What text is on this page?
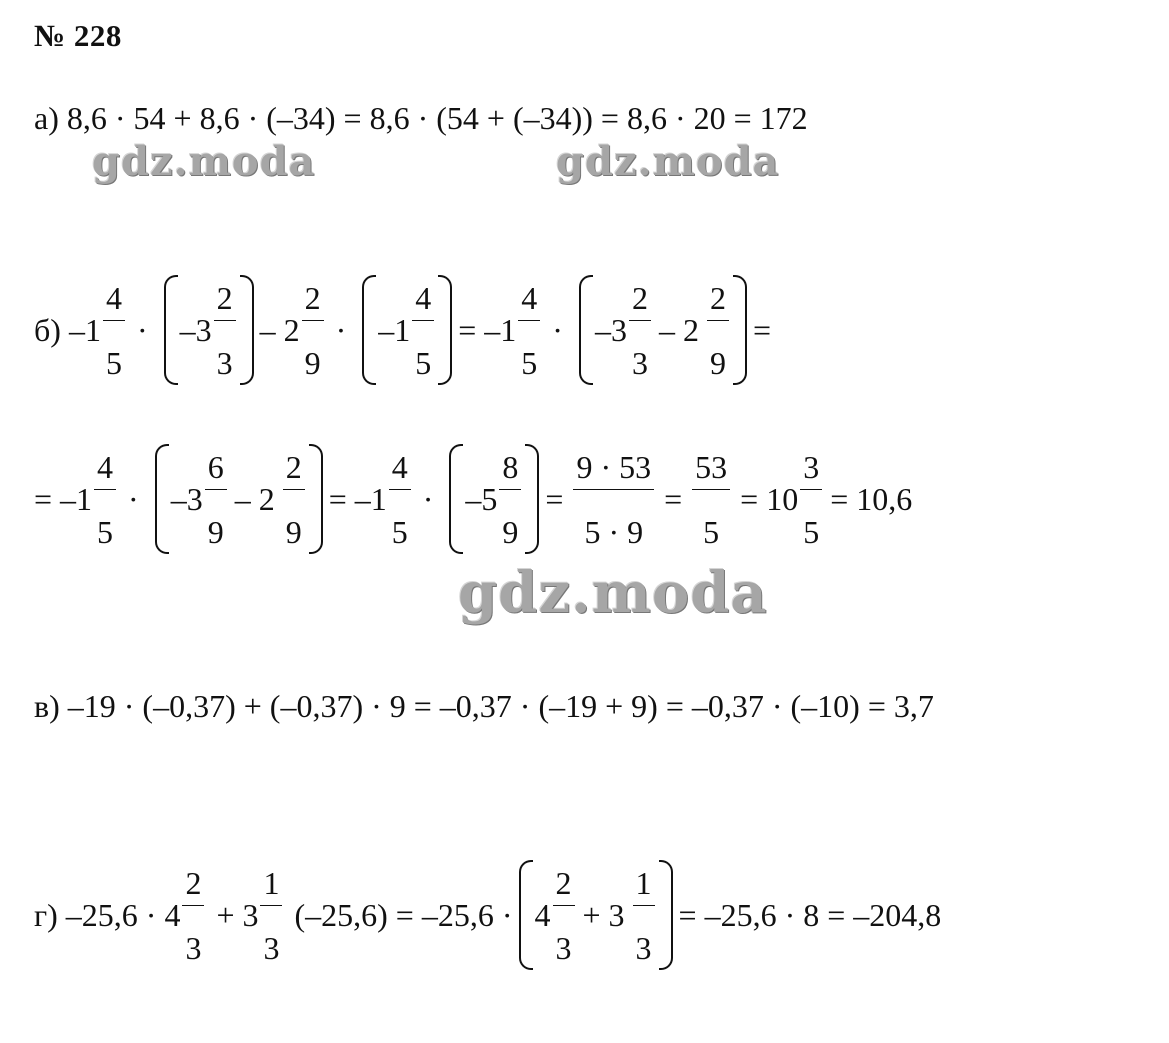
№ 228
а) 8,6 · 54 + 8,6 · (–34) = 8,6 · (54 + (–34)) = 8,6 · 20 = 172
gdz.moda	gdz.moda
б) $-1 \frac{4}{5} \cdot -3 \frac{2}{3} - 2 \frac{2}{9} \cdot -1 \frac{4}{5} = -1 \frac{4}{5} \cdot -3 \frac{2}{3} - 2 \frac{2}{9}$ =
= $-1 \frac{4}{5} \cdot -3 \frac{6}{9} - 2 \frac{2}{9} = -1 \frac{4}{5} \cdot -5 \frac{8}{9} = \frac{9 \cdot 53}{5 \cdot 9} = \frac{53}{5} = 10 \frac{3}{5} = 10,6$
gdz.moda
в) –19 · (–0,37) + (–0,37) · 9 = –0,37 · (–19 + 9) = –0,37 · (–10) = 3,7
г) $-25,6 \cdot 4 \frac{2}{3} + 3 \frac{1}{3} (-25,6) = -25,6 \cdot 4 \frac{2}{3} + 3 \frac{1}{3} = -25,6 \cdot 8 = -204,8$
